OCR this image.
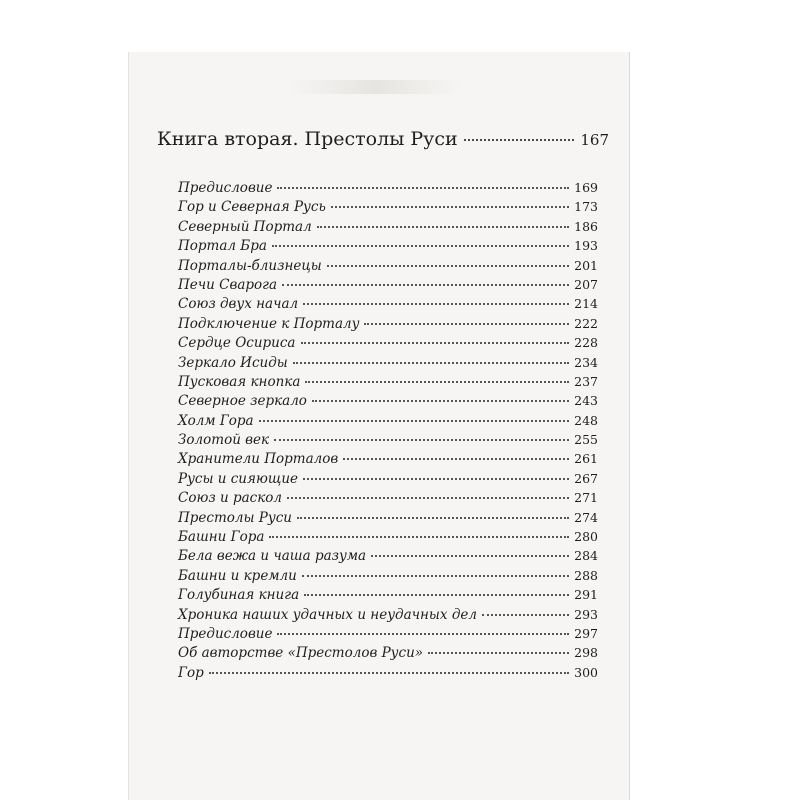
Книга вторая. Престолы Руси	167
Предисловие	169
Гор и Северная Русь	173
Северный Портал	186
Портал Бра	193
Порталы-близнецы	201
Печи Сварога	207
Союз двух начал	214
Подключение к Порталу	222
Сердце Осириса	228
Зеркало Исиды	234
Пусковая кнопка	237
Северное зеркало	243
Холм Гора	248
Золотой век	255
Хранители Порталов	261
Русы и сияющие	267
Союз и раскол	271
Престолы Руси	274
Башни Гора	280
Бела вежа и чаша разума	284
Башни и кремли	288
Голубиная книга	291
Хроника наших удачных и неудачных дел	293
Предисловие	297
Об авторстве «Престолов Руси»	298
Гор	300
